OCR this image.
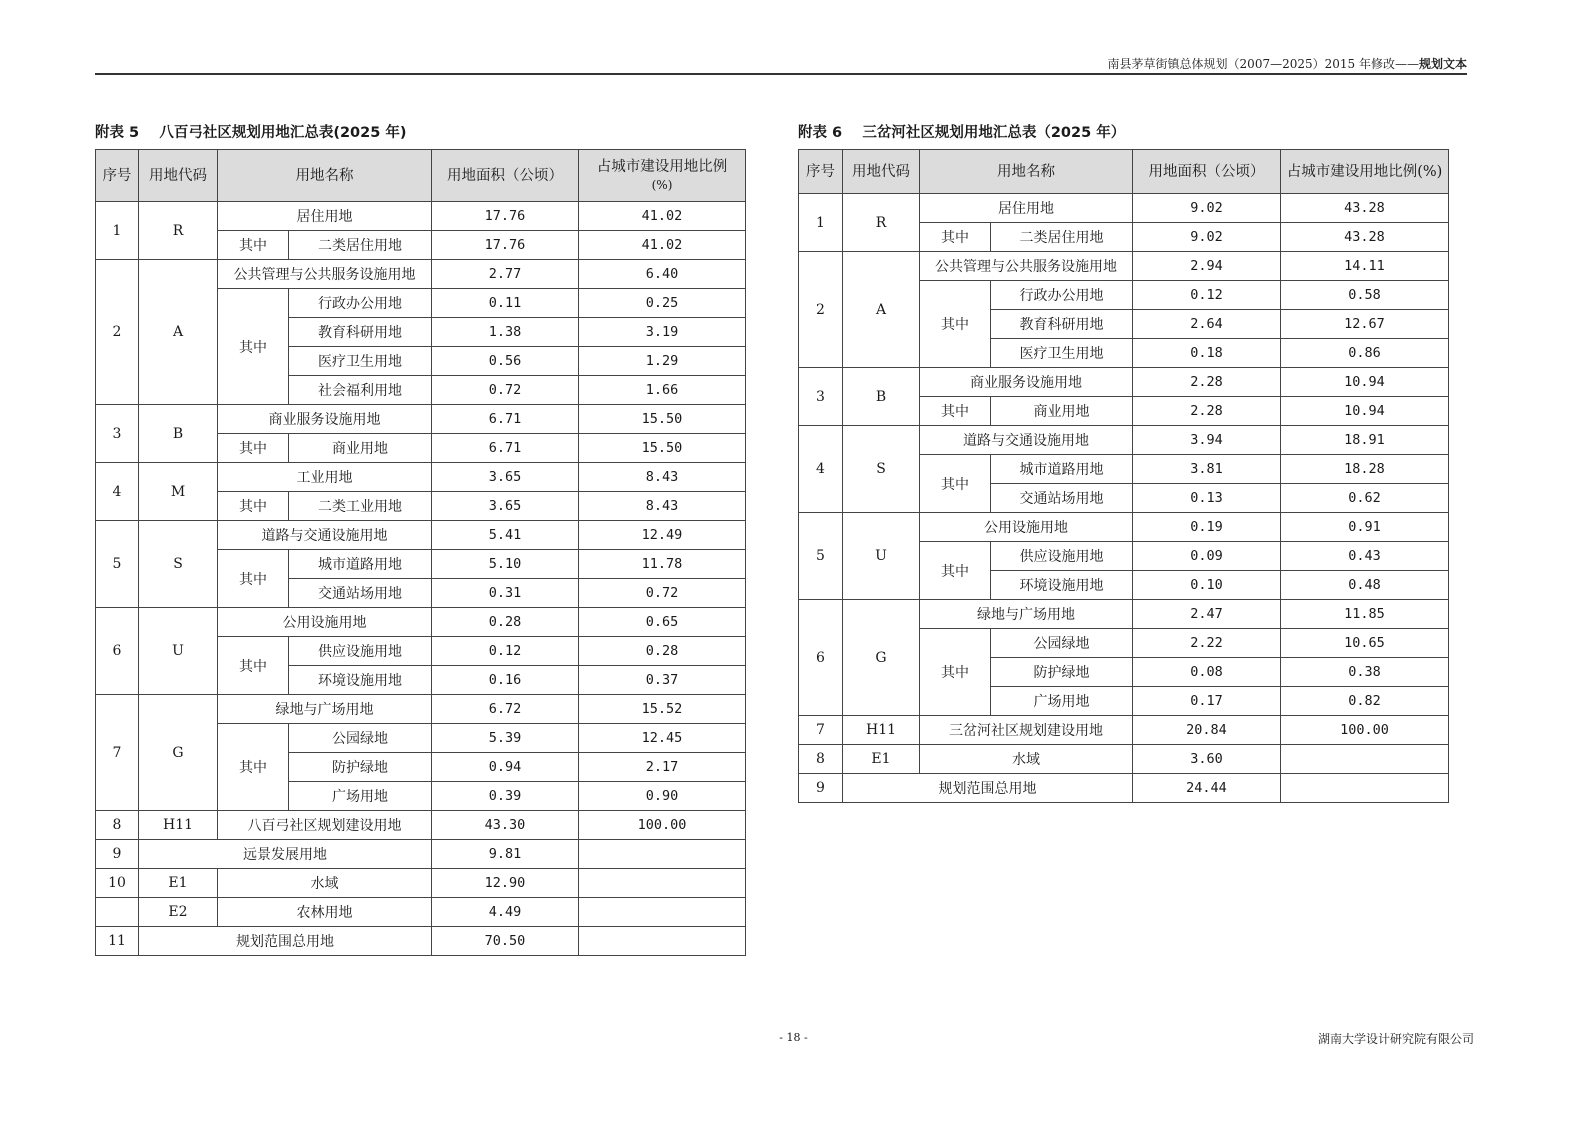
南县茅草街镇总体规划（2007—2025）2015 年修改——规划文本
附表 5    八百弓社区规划用地汇总表(2025 年)
序号	用地代码	用地名称		用地面积（公顷）	占城市建设用地比例
(%)

1	R	居住用地		17.76	41.02
		其中	二类居住用地	17.76	41.02
2	A	公共管理与公共服务设施用地		2.77	6.40
		其中	行政办公用地	0.11	0.25
			教育科研用地	1.38	3.19
			医疗卫生用地	0.56	1.29
			社会福利用地	0.72	1.66
3	B	商业服务设施用地		6.71	15.50
		其中	商业用地	6.71	15.50
4	M	工业用地		3.65	8.43
		其中	二类工业用地	3.65	8.43
5	S	道路与交通设施用地		5.41	12.49
		其中	城市道路用地	5.10	11.78
			交通站场用地	0.31	0.72
6	U	公用设施用地		0.28	0.65
		其中	供应设施用地	0.12	0.28
			环境设施用地	0.16	0.37
7	G	绿地与广场用地		6.72	15.52
		其中	公园绿地	5.39	12.45
			防护绿地	0.94	2.17
			广场用地	0.39	0.90
8	H11	八百弓社区规划建设用地		43.30	100.00
9	远景发展用地			9.81	
10	E1	水域		12.90	
	E2	农林用地		4.49	
11	规划范围总用地			70.50	
附表 6    三岔河社区规划用地汇总表（2025 年）
序号	用地代码	用地名称		用地面积（公顷）	占城市建设用地比例(%)
1	R	居住用地		9.02	43.28
		其中	二类居住用地	9.02	43.28
2	A	公共管理与公共服务设施用地		2.94	14.11
		其中	行政办公用地	0.12	0.58
			教育科研用地	2.64	12.67
			医疗卫生用地	0.18	0.86
3	B	商业服务设施用地		2.28	10.94
		其中	商业用地	2.28	10.94
4	S	道路与交通设施用地		3.94	18.91
		其中	城市道路用地	3.81	18.28
			交通站场用地	0.13	0.62
5	U	公用设施用地		0.19	0.91
		其中	供应设施用地	0.09	0.43
			环境设施用地	0.10	0.48
6	G	绿地与广场用地		2.47	11.85
		其中	公园绿地	2.22	10.65
			防护绿地	0.08	0.38
			广场用地	0.17	0.82
7	H11	三岔河社区规划建设用地		20.84	100.00
8	E1	水域		3.60	
9	规划范围总用地			24.44	
- 18 -	湖南大学设计研究院有限公司
